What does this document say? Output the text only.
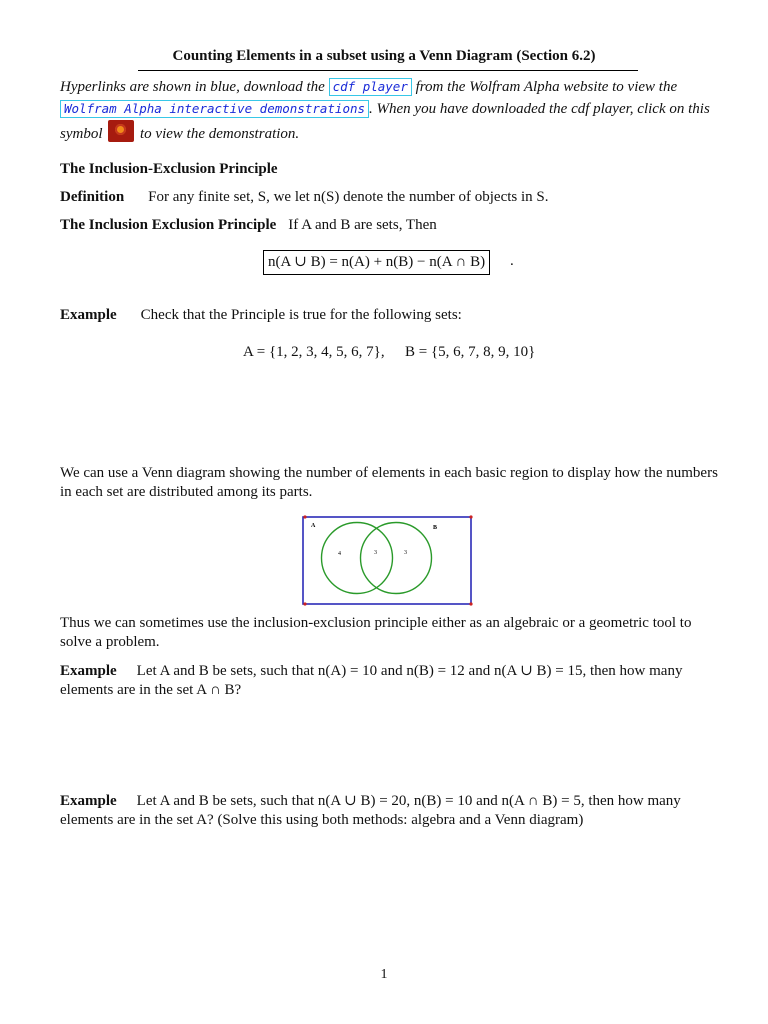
Counting Elements in a subset using a Venn Diagram (Section 6.2)
Hyperlinks are shown in blue, download the cdf player from the Wolfram Alpha website to view the Wolfram Alpha interactive demonstrations . When you have downloaded the cdf player, click on this symbol
to view the demonstration.
The Inclusion-Exclusion Principle
Definition For any finite set, S, we let n(S) denote the number of objects in S.
The Inclusion Exclusion Principle If A and B are sets, Then
n(A ∪ B) = n(A) + n(B) − n(A ∩ B)	.
Example Check that the Principle is true for the following sets:
A = {1, 2, 3, 4, 5, 6, 7}, B = {5, 6, 7, 8, 9, 10}
We can use a Venn diagram showing the number of elements in each basic region to display how the numbers in each set are distributed among its parts.
A	B
4	3	3
Thus we can sometimes use the inclusion-exclusion principle either as an algebraic or a geometric tool to solve a problem.
Example Let A and B be sets, such that n(A) = 10 and n(B) = 12 and n(A ∪ B) = 15, then how many elements are in the set A ∩ B?
Example Let A and B be sets, such that n(A ∪ B) = 20, n(B) = 10 and n(A ∩ B) = 5, then how many elements are in the set A? (Solve this using both methods: algebra and a Venn diagram)
1
